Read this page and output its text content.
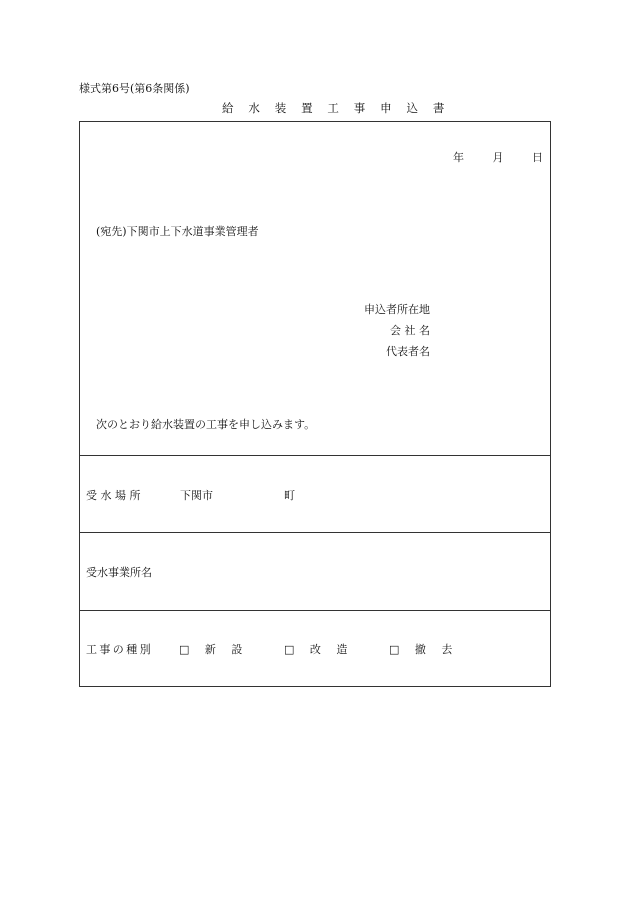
様式第6号(第6条関係)
給 水 装 置 工 事 申 込 書
年	月	日
(宛先)下関市上下水道事業管理者
申込者所在地
会 社 名
代表者名
次のとおり給水装置の工事を申し込みます。
受 水 場 所	下関市	町
受水事業所名
工事の種別 □ 新 設	□ 改 造	□ 撤 去
